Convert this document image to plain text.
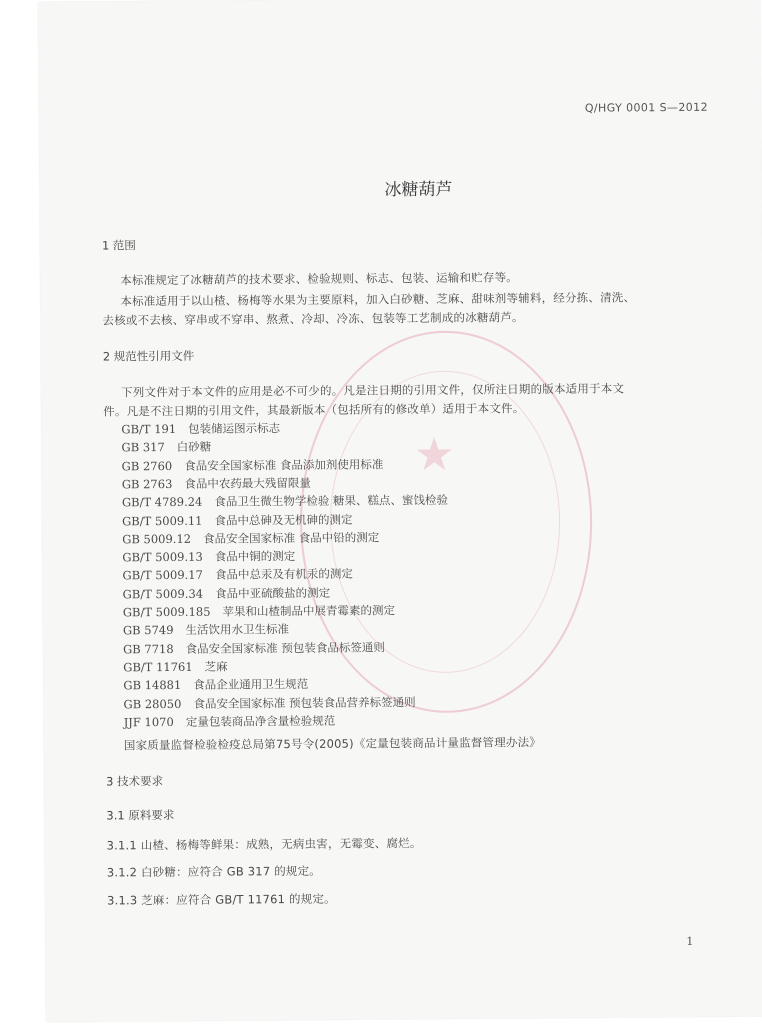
★
Q/HGY 0001 S—2012
冰糖葫芦
1 范围
本标准规定了冰糖葫芦的技术要求、检验规则、标志、包装、运输和贮存等。
本标准适用于以山楂、杨梅等水果为主要原料，加入白砂糖、芝麻、甜味剂等辅料，经分拣、清洗、
去核或不去核、穿串或不穿串、熬煮、冷却、冷冻、包装等工艺制成的冰糖葫芦。
2 规范性引用文件
下列文件对于本文件的应用是必不可少的。凡是注日期的引用文件，仅所注日期的版本适用于本文
件。凡是不注日期的引用文件，其最新版本（包括所有的修改单）适用于本文件。
GB/T 191 包装储运图示标志
GB 317 白砂糖
GB 2760 食品安全国家标准 食品添加剂使用标准
GB 2763 食品中农药最大残留限量
GB/T 4789.24 食品卫生微生物学检验 糖果、糕点、蜜饯检验
GB/T 5009.11 食品中总砷及无机砷的测定
GB 5009.12 食品安全国家标准 食品中铅的测定
GB/T 5009.13 食品中铜的测定
GB/T 5009.17 食品中总汞及有机汞的测定
GB/T 5009.34 食品中亚硫酸盐的测定
GB/T 5009.185 苹果和山楂制品中展青霉素的测定
GB 5749 生活饮用水卫生标准
GB 7718 食品安全国家标准 预包装食品标签通则
GB/T 11761 芝麻
GB 14881 食品企业通用卫生规范
GB 28050 食品安全国家标准 预包装食品营养标签通则
JJF 1070 定量包装商品净含量检验规范
国家质量监督检验检疫总局第75号令(2005)《定量包装商品计量监督管理办法》
3 技术要求
3.1 原料要求
3.1.1 山楂、杨梅等鲜果：成熟，无病虫害，无霉变、腐烂。
3.1.2 白砂糖：应符合 GB 317 的规定。
3.1.3 芝麻：应符合 GB/T 11761 的规定。
1
